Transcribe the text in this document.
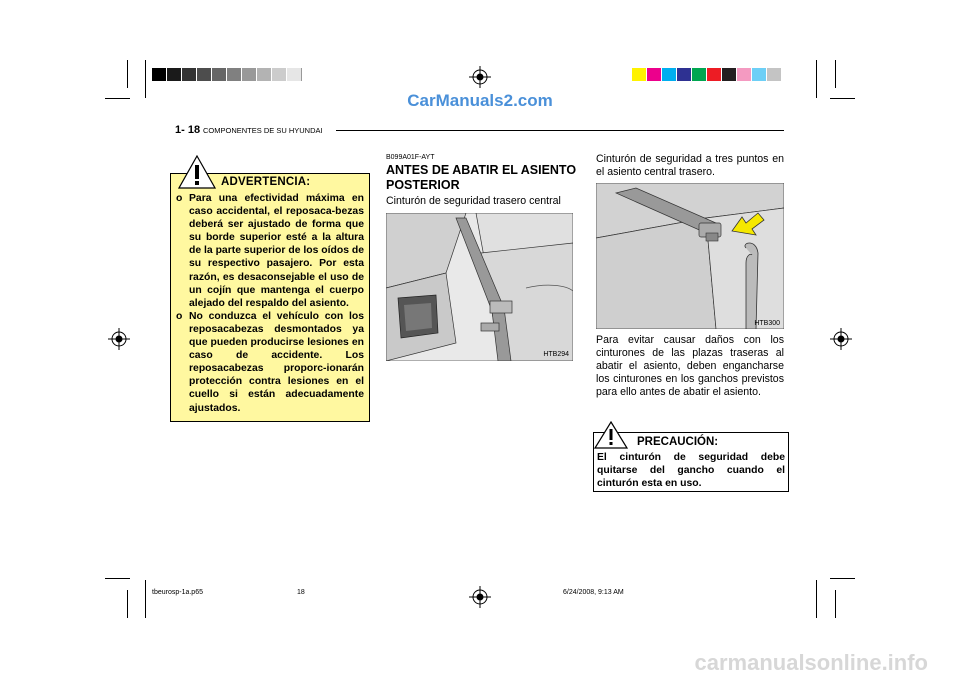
CarManuals2.com
carmanualsonline.info
1- 18 COMPONENTES DE SU HYUNDAI
ADVERTENCIA:
o Para una efectividad máxima en caso accidental, el reposaca-bezas deberá ser ajustado de forma que su borde superior esté a la altura de la parte superior de los oídos de su respectivo pasajero. Por esta razón, es desaconsejable el uso de un cojín que mantenga el cuerpo alejado del respaldo del asiento.
o No conduzca el vehículo con los reposacabezas desmontados ya que pueden producirse lesiones en caso de accidente. Los reposacabezas proporc-ionarán protección contra lesiones en el cuello si están adecuadamente ajustados.
B099A01F-AYT
ANTES DE ABATIR EL ASIENTO POSTERIOR
Cinturón de seguridad trasero central
HTB294
Cinturón de seguridad a tres puntos en el asiento central trasero.
HTB300
Para evitar causar daños con los cinturones de las plazas traseras al abatir el asiento, deben engancharse los cinturones en los ganchos previstos para ello antes de abatir el asiento.
PRECAUCIÓN:
El cinturón de seguridad debe quitarse del gancho cuando el cinturón esta en uso.
tbeurosp-1a.p65	18	6/24/2008, 9:13 AM
